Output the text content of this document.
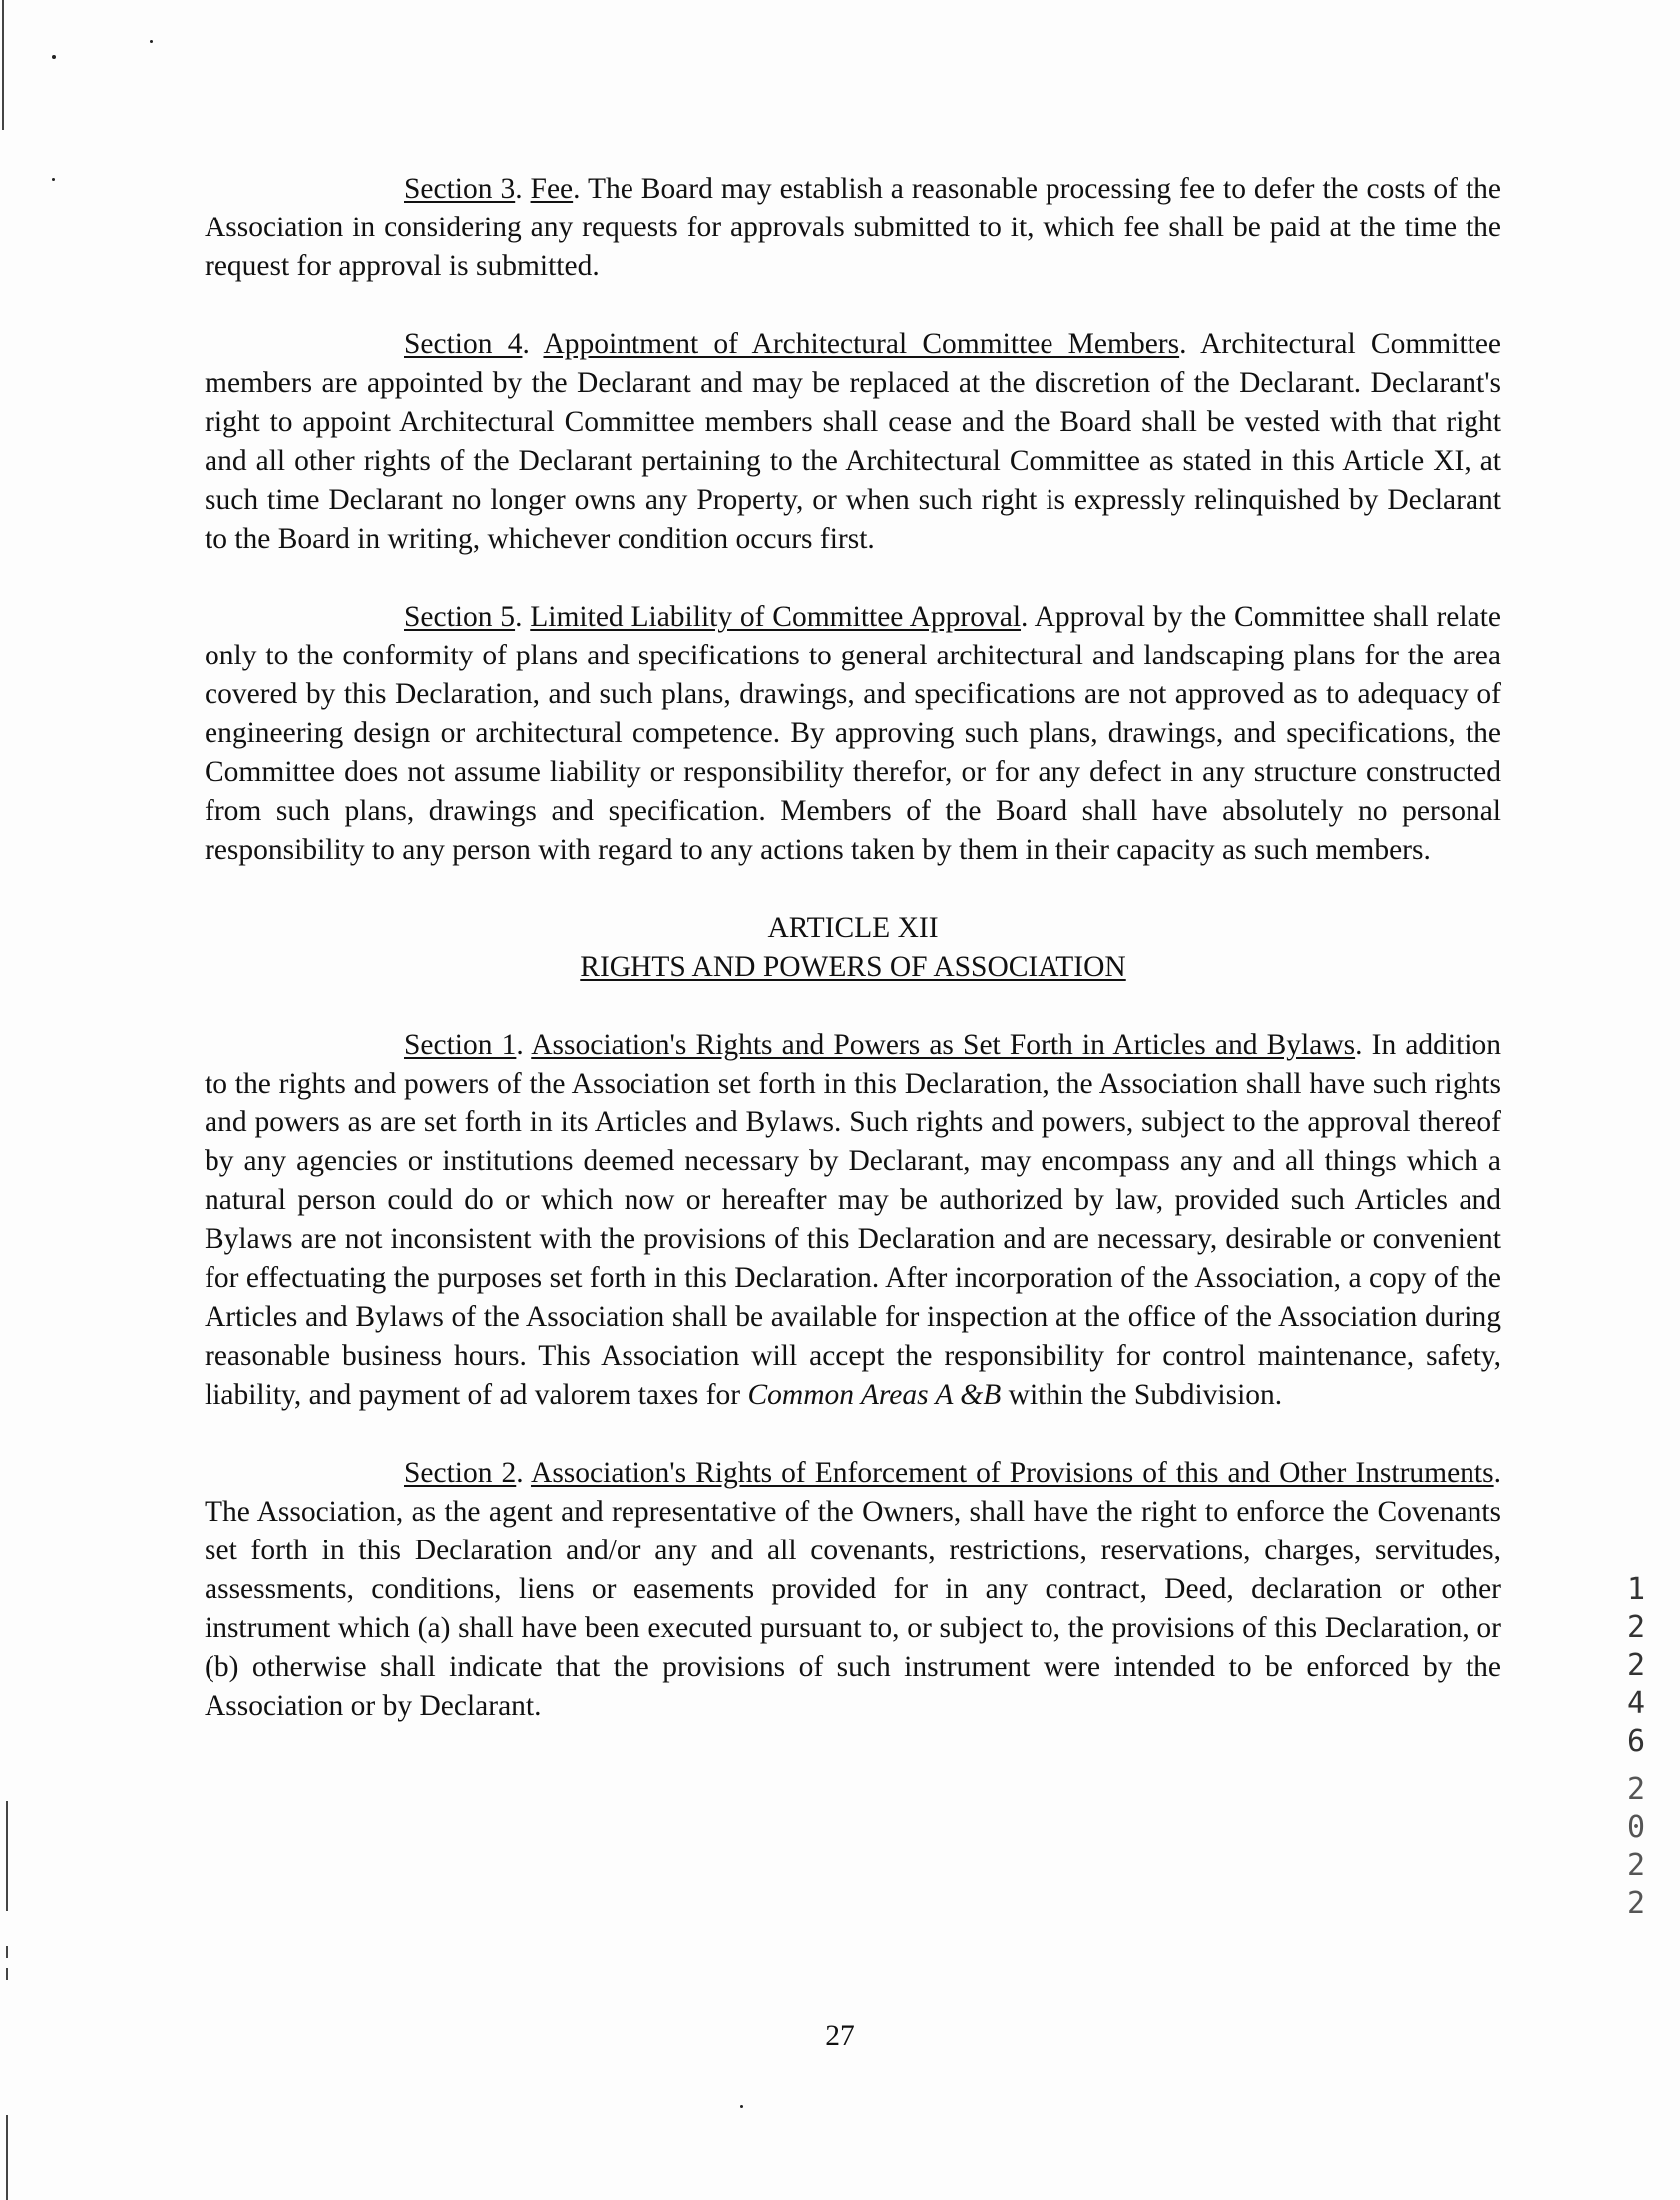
Section 3. Fee. The Board may establish a reasonable processing fee to defer the costs of the Association in considering any requests for approvals submitted to it, which fee shall be paid at the time the request for approval is submitted.

Section 4. Appointment of Architectural Committee Members. Architectural Committee members are appointed by the Declarant and may be replaced at the discretion of the Declarant. Declarant's right to appoint Architectural Committee members shall cease and the Board shall be vested with that right and all other rights of the Declarant pertaining to the Architectural Committee as stated in this Article XI, at such time Declarant no longer owns any Property, or when such right is expressly relinquished by Declarant to the Board in writing, whichever condition occurs first.

Section 5. Limited Liability of Committee Approval. Approval by the Committee shall relate only to the conformity of plans and specifications to general architectural and landscaping plans for the area covered by this Declaration, and such plans, drawings, and specifications are not approved as to adequacy of engineering design or architectural competence. By approving such plans, drawings, and specifications, the Committee does not assume liability or responsibility therefor, or for any defect in any structure constructed from such plans, drawings and specification. Members of the Board shall have absolutely no personal responsibility to any person with regard to any actions taken by them in their capacity as such members.

ARTICLE XII

RIGHTS AND POWERS OF ASSOCIATION

Section 1. Association's Rights and Powers as Set Forth in Articles and Bylaws. In addition to the rights and powers of the Association set forth in this Declaration, the Association shall have such rights and powers as are set forth in its Articles and Bylaws. Such rights and powers, subject to the approval thereof by any agencies or institutions deemed necessary by Declarant, may encompass any and all things which a natural person could do or which now or hereafter may be authorized by law, provided such Articles and Bylaws are not inconsistent with the provisions of this Declaration and are necessary, desirable or convenient for effectuating the purposes set forth in this Declaration. After incorporation of the Association, a copy of the Articles and Bylaws of the Association shall be available for inspection at the office of the Association during reasonable business hours. This Association will accept the responsibility for control maintenance, safety, liability, and payment of ad valorem taxes for Common Areas A &B within the Subdivision.

Section 2. Association's Rights of Enforcement of Provisions of this and Other Instruments. The Association, as the agent and representative of the Owners, shall have the right to enforce the Covenants set forth in this Declaration and/or any and all covenants, restrictions, reservations, charges, servitudes, assessments, conditions, liens or easements provided for in any contract, Deed, declaration or other instrument which (a) shall have been executed pursuant to, or subject to, the provisions of this Declaration, or (b) otherwise shall indicate that the provisions of such instrument were intended to be enforced by the Association or by Declarant.

27
1
2
2
4
6
2
0
2
2
